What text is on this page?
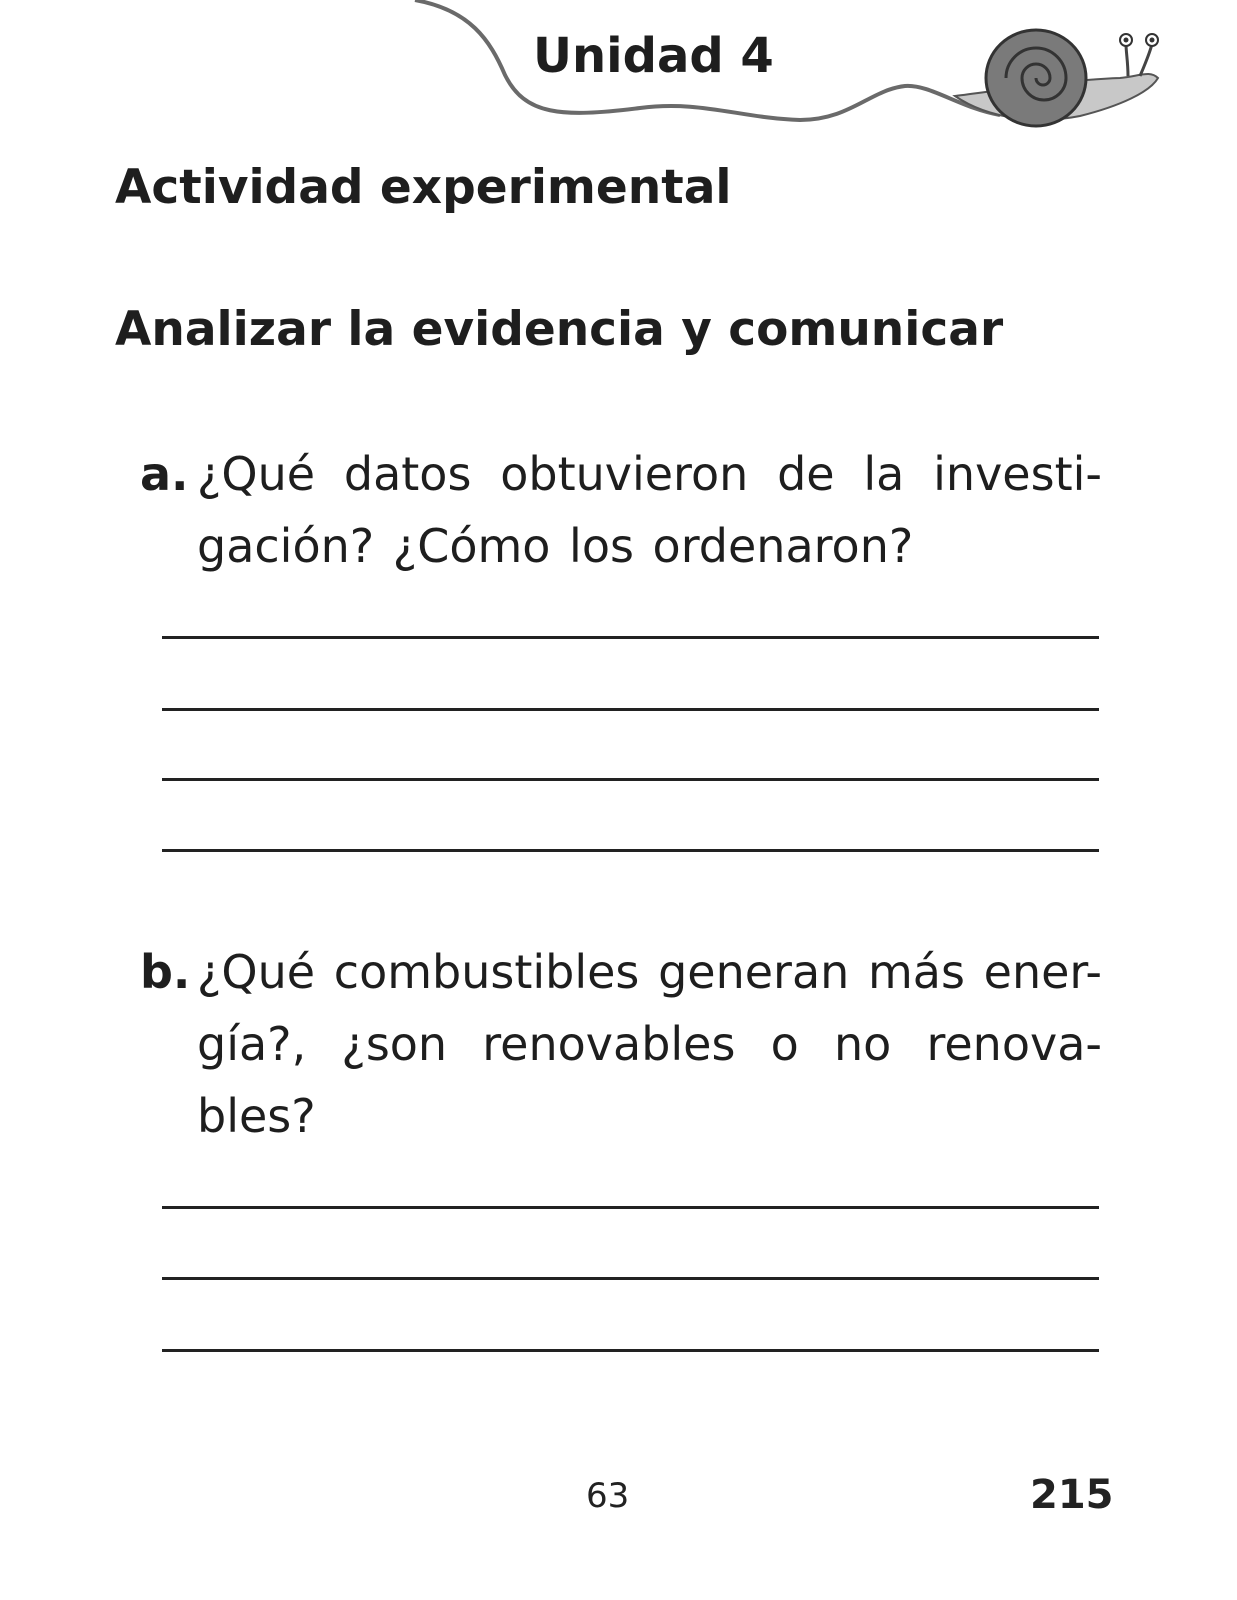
Unidad 4
Actividad experimental
Analizar la evidencia y comunicar
a. ¿Qué datos obtuvieron de la investi-gación? ¿Cómo los ordenaron?
b. ¿Qué combustibles generan más ener-gía?, ¿son renovables o no renova-bles?
63	215
